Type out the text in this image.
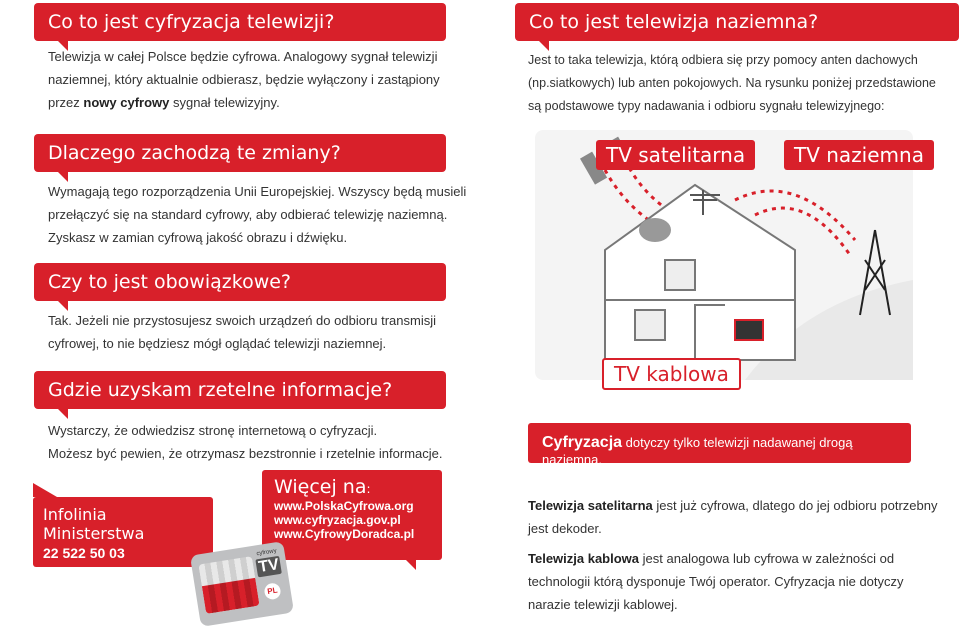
Co to jest cyfryzacja telewizji?
Telewizja w całej Polsce będzie cyfrowa. Analogowy sygnał telewizji
naziemnej, który aktualnie odbierasz, będzie wyłączony i zastąpiony
przez nowy cyfrowy sygnał telewizyjny.
Dlaczego zachodzą te zmiany?
Wymagają tego rozporządzenia Unii Europejskiej. Wszyscy będą musieli
przełączyć się na standard cyfrowy, aby odbierać telewizję naziemną.
Zyskasz w zamian cyfrową jakość obrazu i dźwięku.
Czy to jest obowiązkowe?
Tak. Jeżeli nie przystosujesz swoich urządzeń do odbioru transmisji
cyfrowej, to nie będziesz mógł oglądać telewizji naziemnej.
Gdzie uzyskam rzetelne informacje?
Wystarczy, że odwiedzisz stronę internetową o cyfryzacji.
Możesz być pewien, że otrzymasz bezstronnie i rzetelnie informacje.
Infolinia Ministerstwa
22 522 50 03
(opłata zgodna z taryfą operatora)
Więcej na:
www.PolskaCyfrowa.org
www.cyfryzacja.gov.pl
www.CyfrowyDoradca.pl
cyfrowy
TV
PL
Co to jest telewizja naziemna?
Jest to taka telewizja, którą odbiera się przy pomocy anten dachowych
(np.siatkowych) lub anten pokojowych. Na rysunku poniżej przedstawione
są podstawowe typy nadawania i odbioru sygnału telewizyjnego:
TV satelitarna	TV naziemna
TV kablowa
Cyfryzacja dotyczy tylko telewizji nadawanej drogą naziemną.
Telewizja satelitarna jest już cyfrowa, dlatego do jej odbioru potrzebny
jest dekoder.
Telewizja kablowa jest analogowa lub cyfrowa w zależności od
technologii którą dysponuje Twój operator. Cyfryzacja nie dotyczy
narazie telewizji kablowej.
